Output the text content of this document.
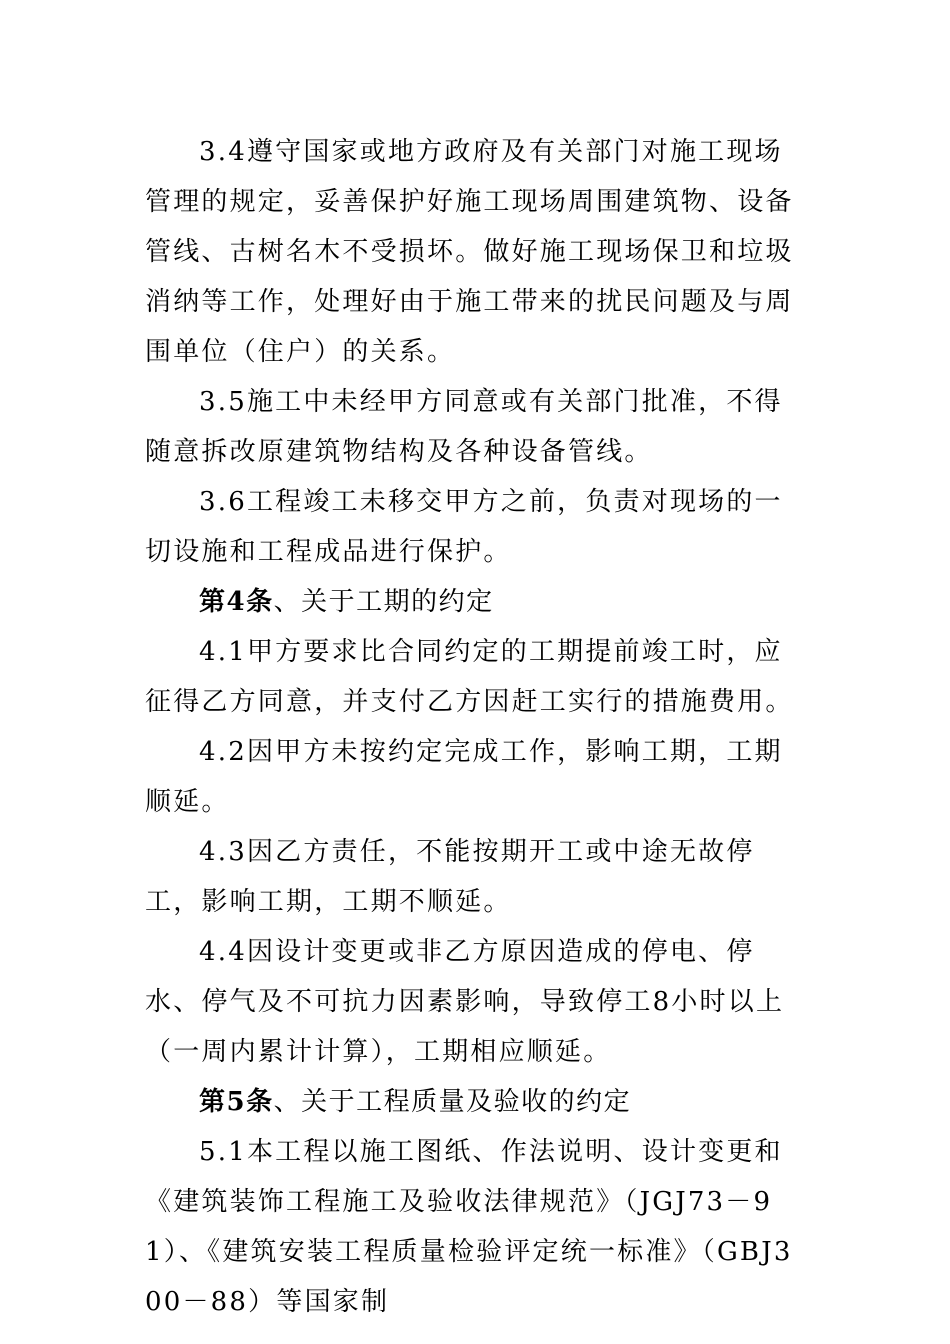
3.4遵守国家或地方政府及有关部门对施工现场管理的规定，妥善保护好施工现场周围建筑物、设备管线、古树名木不受损坏。做好施工现场保卫和垃圾消纳等工作，处理好由于施工带来的扰民问题及与周围单位（住户）的关系。

3.5施工中未经甲方同意或有关部门批准，不得随意拆改原建筑物结构及各种设备管线。

3.6工程竣工未移交甲方之前，负责对现场的一切设施和工程成品进行保护。

第4条、关于工期的约定

4.1甲方要求比合同约定的工期提前竣工时，应征得乙方同意，并支付乙方因赶工实行的措施费用。

4.2因甲方未按约定完成工作，影响工期，工期顺延。

4.3因乙方责任，不能按期开工或中途无故停工，影响工期，工期不顺延。

4.4因设计变更或非乙方原因造成的停电、停水、停气及不可抗力因素影响，导致停工8小时以上（一周内累计计算），工期相应顺延。

第5条、关于工程质量及验收的约定

5.1本工程以施工图纸、作法说明、设计变更和《建筑装饰工程施工及验收法律规范》（JGJ73－91）、《建筑安装工程质量检验评定统一标准》（GBJ300－88）等国家制
